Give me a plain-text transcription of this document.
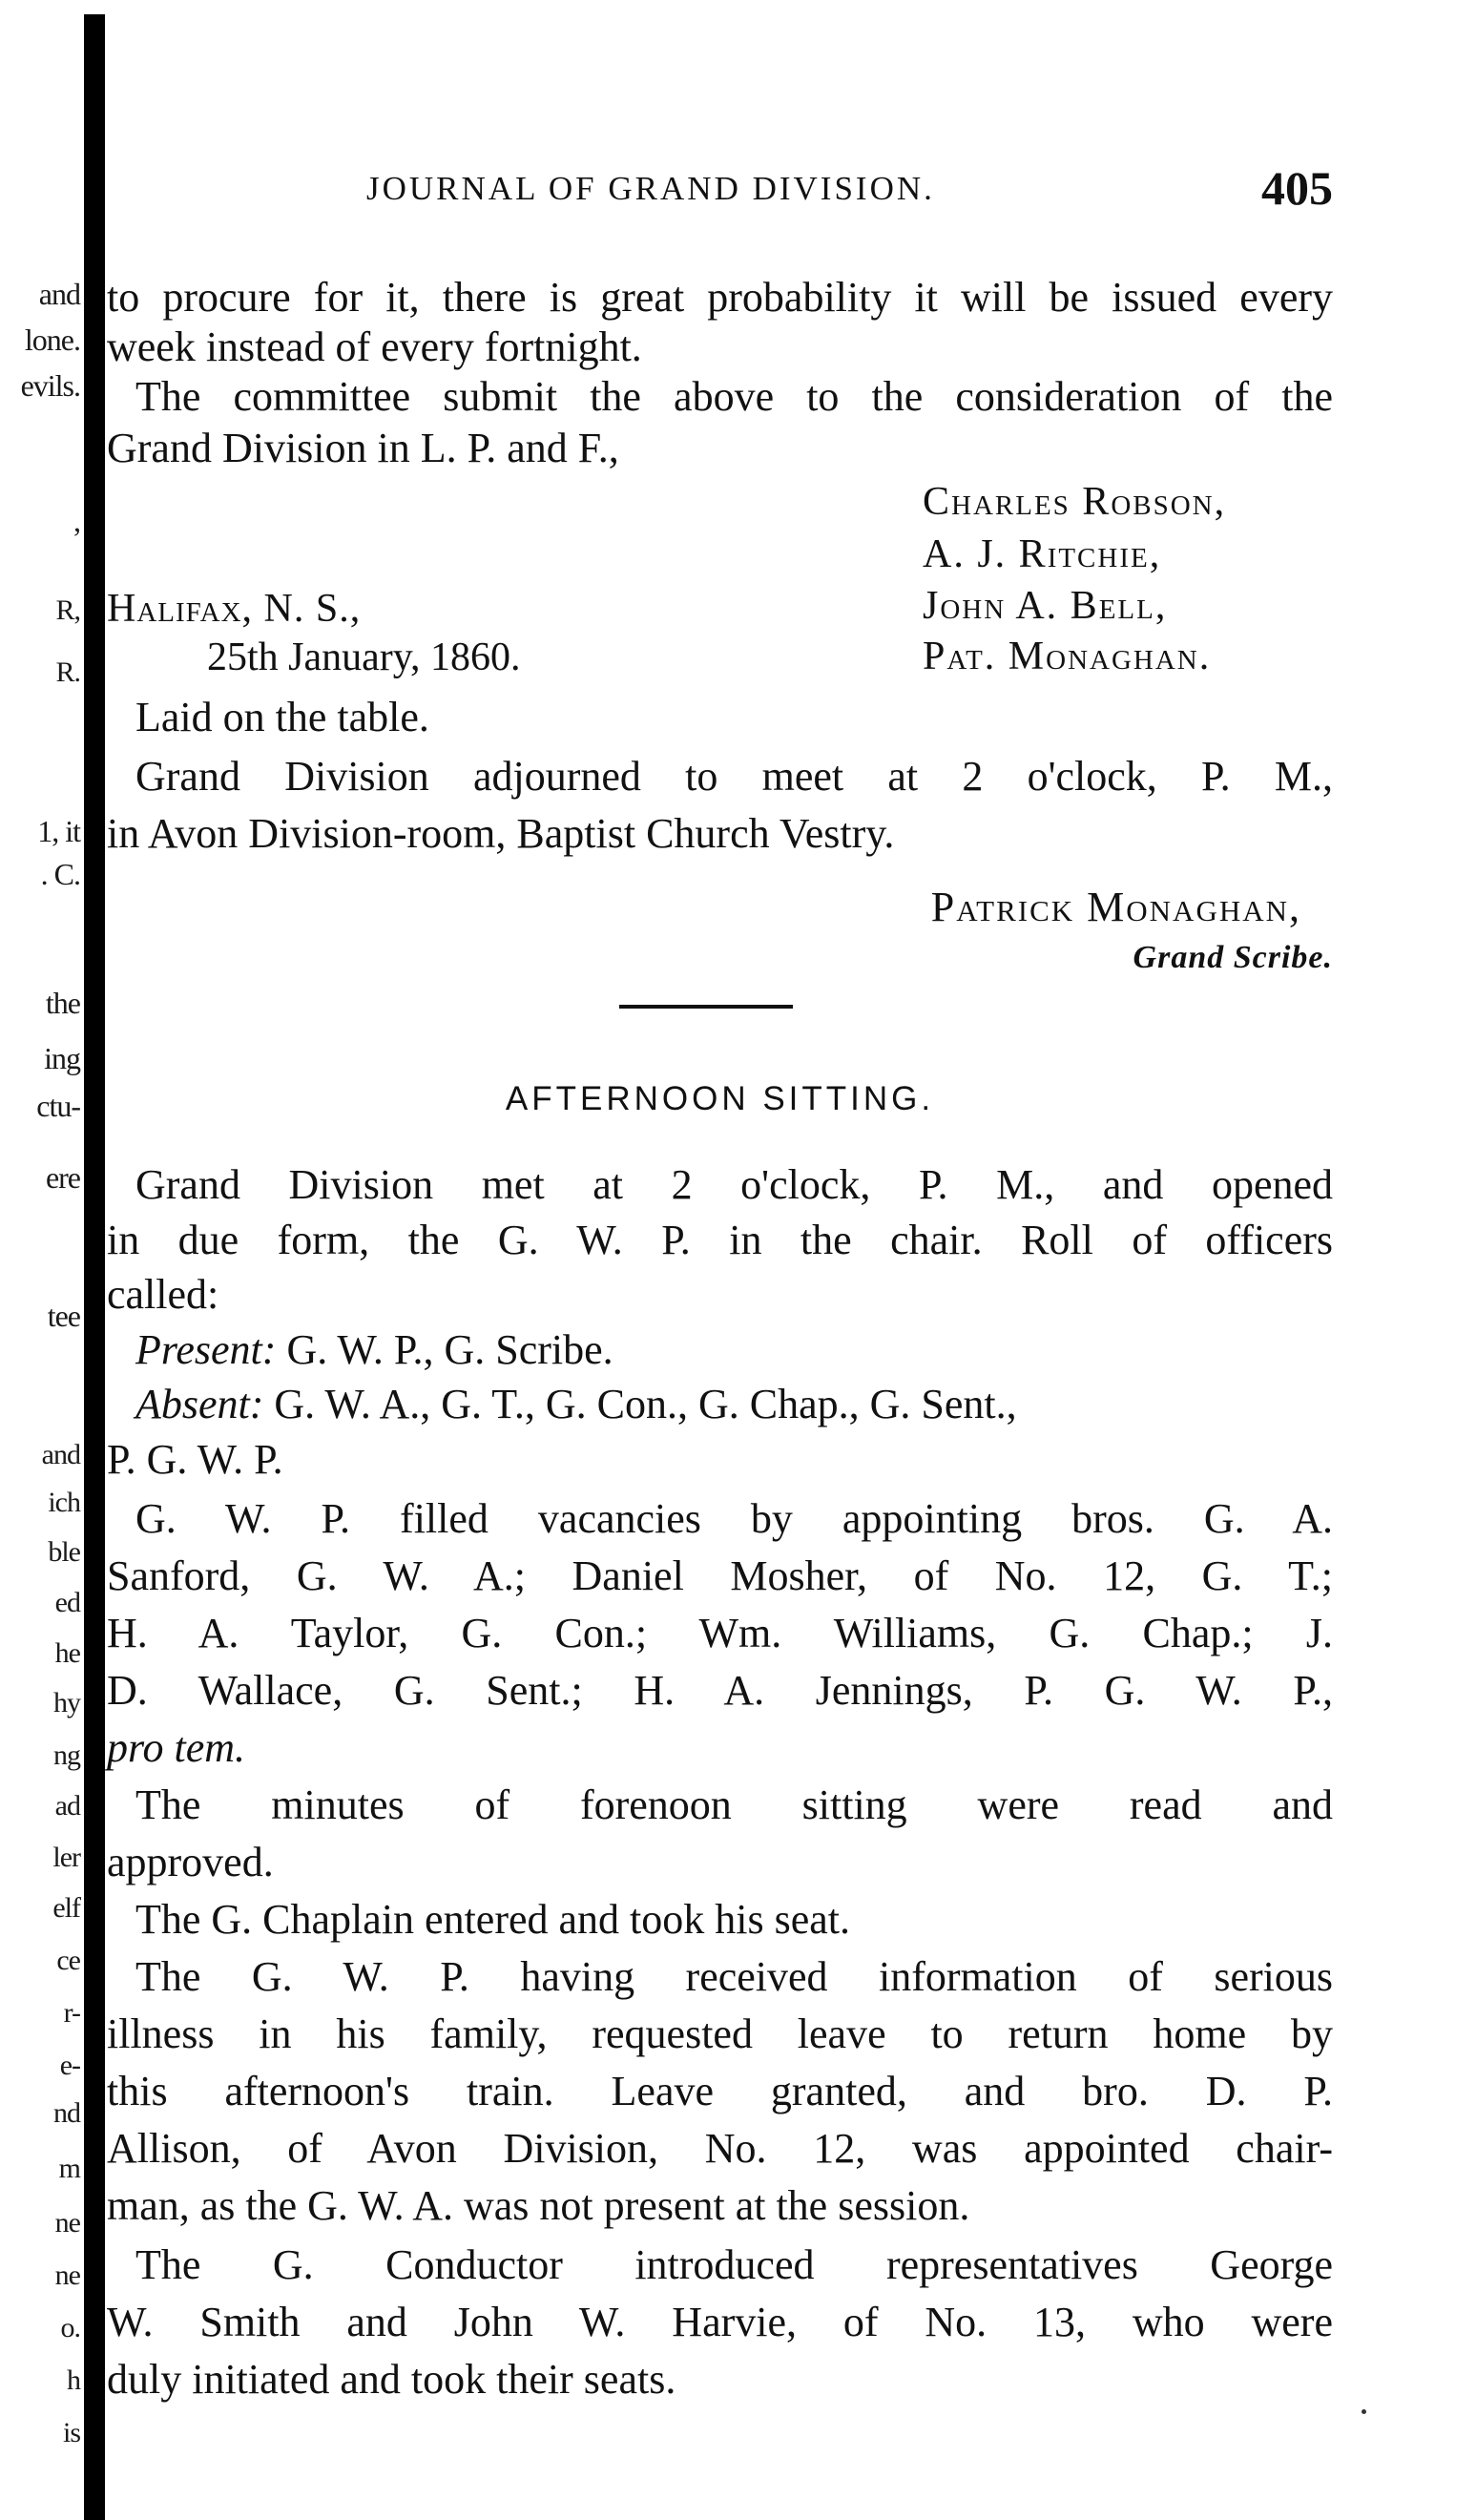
and
lone.
evils.
,
R,
R.
1, it
. C.
the
ing
ctu-
ere
tee
and
ich
ble
ed
he
hy
ng
ad
ler
elf
ce
r-
e-
nd
m
ne
ne
o.
h
is
JOURNAL OF GRAND DIVISION.	405
to procure for it, there is great probability it will be issued every
week instead of every fortnight.
The committee submit the above to the consideration of the
Grand Division in L. P. and F.,
Charles Robson,
A. J. Ritchie,
Halifax, N. S.,	John A. Bell,
25th January, 1860.	Pat. Monaghan.
Laid on the table.
Grand Division adjourned to meet at 2 o'clock, P. M.,
in Avon Division-room, Baptist Church Vestry.
Patrick Monaghan,
Grand Scribe.
AFTERNOON SITTING.
Grand Division met at 2 o'clock, P. M., and opened
in due form, the G. W. P. in the chair. Roll of officers
called:
Present: G. W. P., G. Scribe.
Absent: G. W. A., G. T., G. Con., G. Chap., G. Sent.,
P. G. W. P.
G. W. P. filled vacancies by appointing bros. G. A.
Sanford, G. W. A.; Daniel Mosher, of No. 12, G. T.;
H. A. Taylor, G. Con.; Wm. Williams, G. Chap.; J.
D. Wallace, G. Sent.; H. A. Jennings, P. G. W. P.,
pro tem.
The minutes of forenoon sitting were read and
approved.
The G. Chaplain entered and took his seat.
The G. W. P. having received information of serious
illness in his family, requested leave to return home by
this afternoon's train. Leave granted, and bro. D. P.
Allison, of Avon Division, No. 12, was appointed chair-
man, as the G. W. A. was not present at the session.
The G. Conductor introduced representatives George
W. Smith and John W. Harvie, of No. 13, who were
duly initiated and took their seats.
